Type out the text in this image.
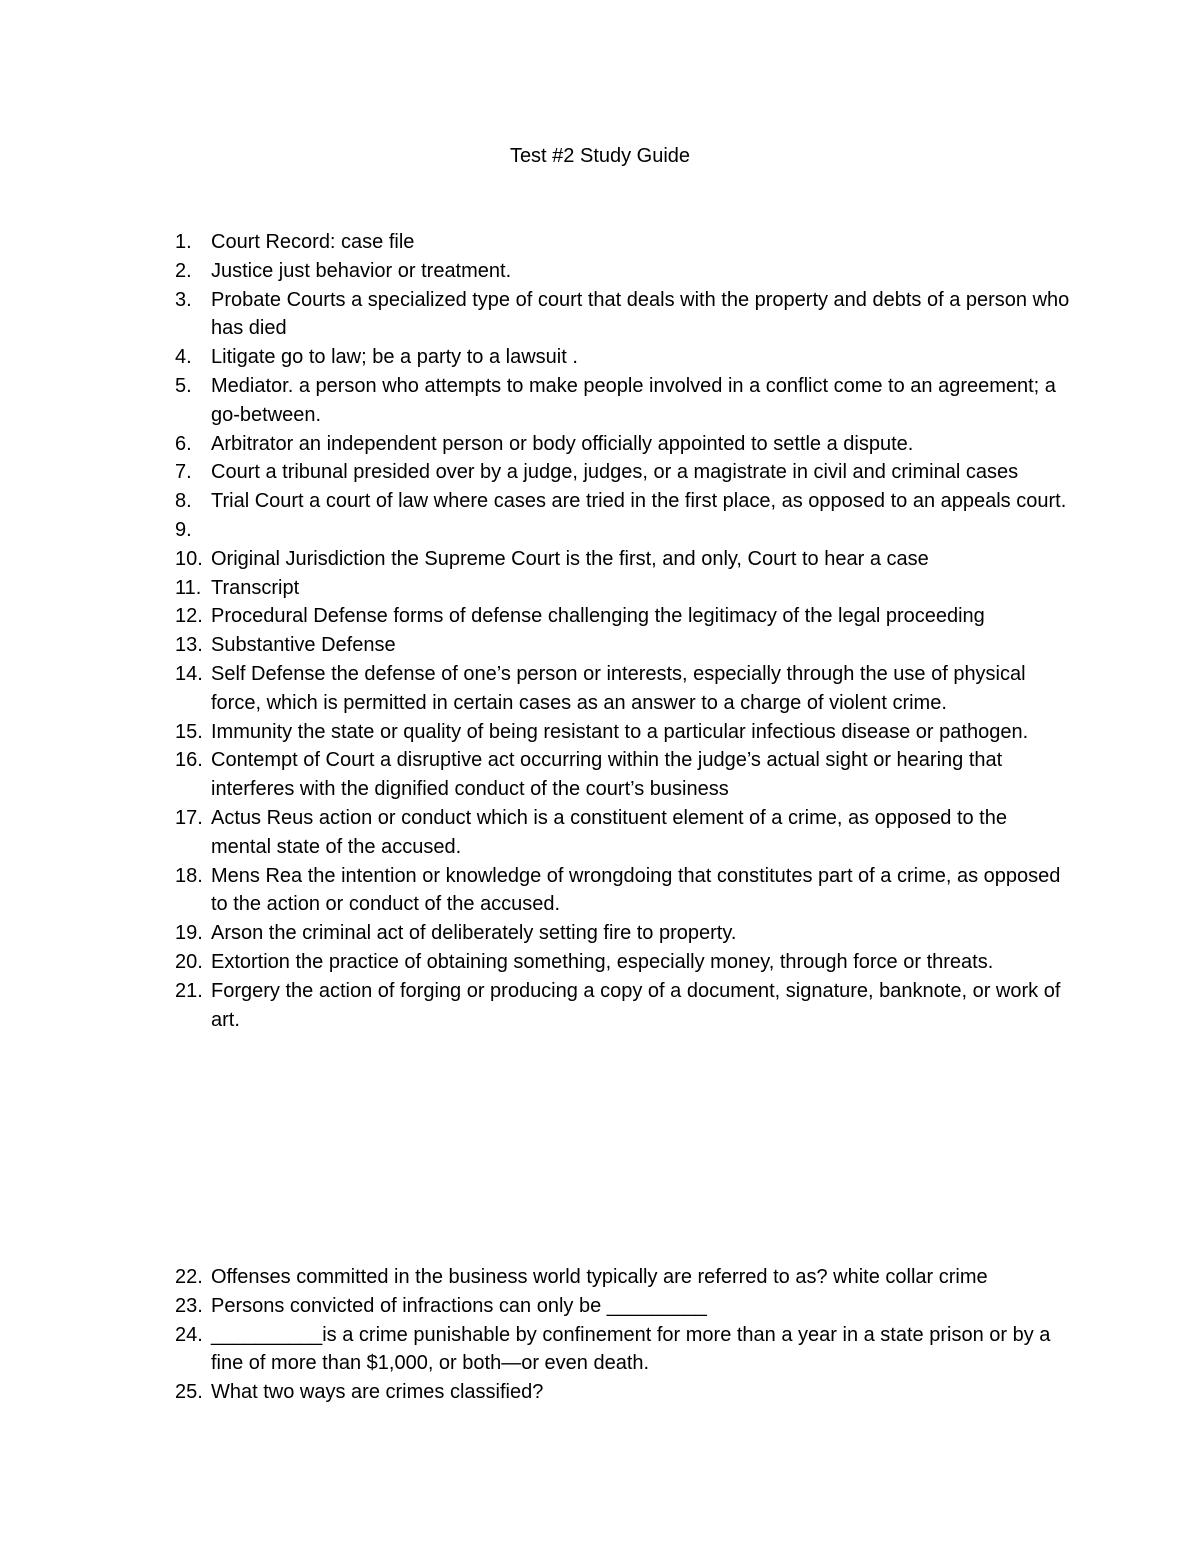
Test #2 Study Guide
1. Court Record: case file
2. Justice just behavior or treatment.
3. Probate Courts a specialized type of court that deals with the property and debts of a person who has died
4. Litigate go to law; be a party to a lawsuit .
5. Mediator. a person who attempts to make people involved in a conflict come to an agreement; a go-between.
6. Arbitrator an independent person or body officially appointed to settle a dispute.
7. Court a tribunal presided over by a judge, judges, or a magistrate in civil and criminal cases
8. Trial Court a court of law where cases are tried in the first place, as opposed to an appeals court.
9.

10. Original Jurisdiction the Supreme Court is the first, and only, Court to hear a case
11. Transcript
12. Procedural Defense forms of defense challenging the legitimacy of the legal proceeding
13. Substantive Defense
14. Self Defense the defense of one’s person or interests, especially through the use of physical force, which is permitted in certain cases as an answer to a charge of violent crime.
15. Immunity the state or quality of being resistant to a particular infectious disease or pathogen.
16. Contempt of Court a disruptive act occurring within the judge’s actual sight or hearing that interferes with the dignified conduct of the court’s business
17. Actus Reus action or conduct which is a constituent element of a crime, as opposed to the mental state of the accused.
18. Mens Rea the intention or knowledge of wrongdoing that constitutes part of a crime, as opposed to the action or conduct of the accused.
19. Arson the criminal act of deliberately setting fire to property.
20. Extortion the practice of obtaining something, especially money, through force or threats.
21. Forgery the action of forging or producing a copy of a document, signature, banknote, or work of art.
22. Offenses committed in the business world typically are referred to as? white collar crime
23. Persons convicted of infractions can only be _________
24. __________is a crime punishable by confinement for more than a year in a state prison or by a fine of more than $1,000, or both—or even death.
25. What two ways are crimes classified?
